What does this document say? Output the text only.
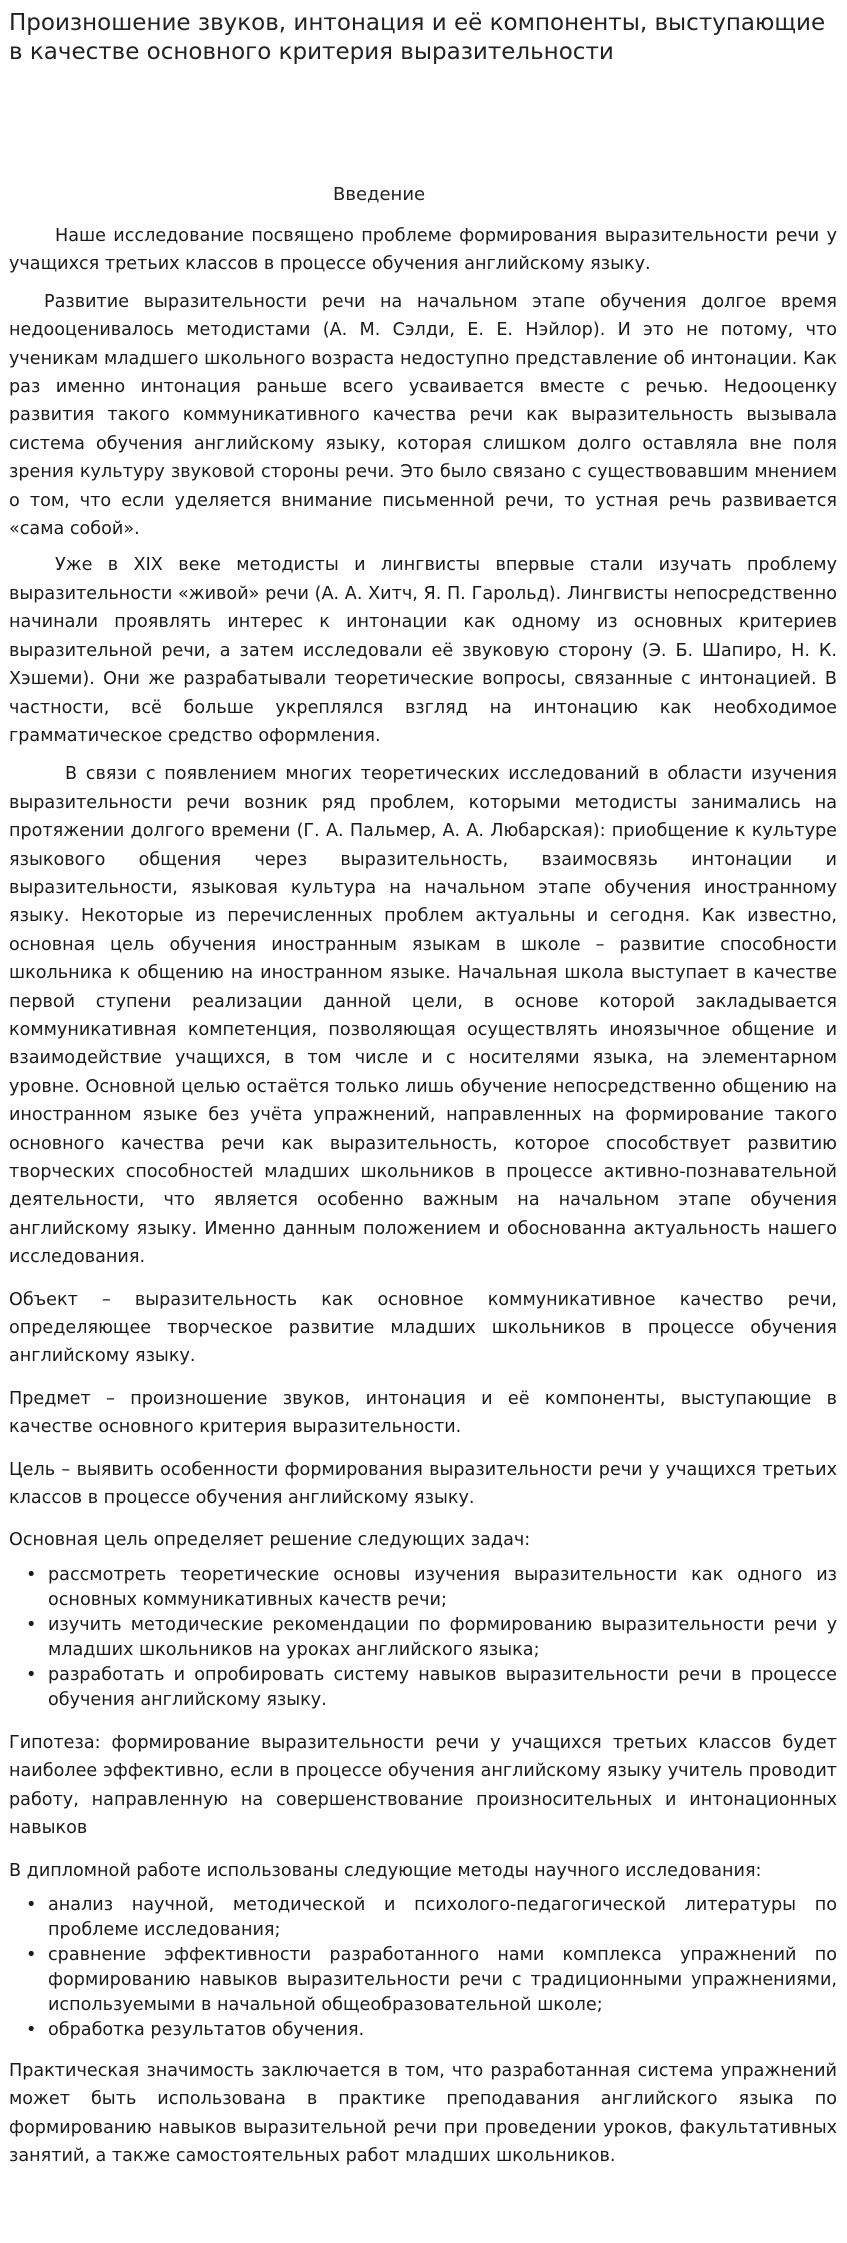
Произношение звуков, интонация и её компоненты, выступающие в качестве основного критерия выразительности
Введение

Наше исследование посвящено проблеме формирования выразительности речи у учащихся третьих классов в процессе обучения английскому языку.

Развитие выразительности речи на начальном этапе обучения долгое время недооценивалось методистами (А. М. Сэлди, Е. Е. Нэйлор). И это не потому, что ученикам младшего школьного возраста недоступно представление об интонации. Как раз именно интонация раньше всего усваивается вместе с речью. Недооценку развития такого коммуникативного качества речи как выразительность вызывала система обучения английскому языку, которая слишком долго оставляла вне поля зрения культуру звуковой стороны речи. Это было связано с существовавшим мнением о том, что если уделяется внимание письменной речи, то устная речь развивается «сама собой».

Уже в XIX веке методисты и лингвисты впервые стали изучать проблему выразительности «живой» речи (А. А. Хитч, Я. П. Гарольд). Лингвисты непосредственно начинали проявлять интерес к интонации как одному из основных критериев выразительной речи, а затем исследовали её звуковую сторону (Э. Б. Шапиро, Н. К. Хэшеми). Они же разрабатывали теоретические вопросы, связанные с интонацией. В частности, всё больше укреплялся взгляд на интонацию как необходимое грамматическое средство оформления.

В связи с появлением многих теоретических исследований в области изучения выразительности речи возник ряд проблем, которыми методисты занимались на протяжении долгого времени (Г. А. Пальмер, А. А. Любарская): приобщение к культуре языкового общения через выразительность, взаимосвязь интонации и выразительности, языковая культура на начальном этапе обучения иностранному языку. Некоторые из перечисленных проблем актуальны и сегодня. Как известно, основная цель обучения иностранным языкам в школе – развитие способности школьника к общению на иностранном языке. Начальная школа выступает в качестве первой ступени реализации данной цели, в основе которой закладывается коммуникативная компетенция, позволяющая осуществлять иноязычное общение и взаимодействие учащихся, в том числе и с носителями языка, на элементарном уровне. Основной целью остаётся только лишь обучение непосредственно общению на иностранном языке без учёта упражнений, направленных на формирование такого основного качества речи как выразительность, которое способствует развитию творческих способностей младших школьников в процессе активно-познавательной деятельности, что является особенно важным на начальном этапе обучения английскому языку. Именно данным положением и обоснованна актуальность нашего исследования.

Объект – выразительность как основное коммуникативное качество речи, определяющее творческое развитие младших школьников в процессе обучения английскому языку.

Предмет – произношение звуков, интонация и её компоненты, выступающие в качестве основного критерия выразительности.

Цель – выявить особенности формирования выразительности речи у учащихся третьих классов в процессе обучения английскому языку.

Основная цель определяет решение следующих задач:

• рассмотреть теоретические основы изучения выразительности как одного из основных коммуникативных качеств речи;
• изучить методические рекомендации по формированию выразительности речи у младших школьников на уроках английского языка;
• разработать и опробировать систему навыков выразительности речи в процессе обучения английскому языку.

Гипотеза: формирование выразительности речи у учащихся третьих классов будет наиболее эффективно, если в процессе обучения английскому языку учитель проводит работу, направленную на совершенствование произносительных и интонационных навыков

В дипломной работе использованы следующие методы научного исследования:

• анализ научной, методической и психолого-педагогической литературы по проблеме исследования;
• сравнение эффективности разработанного нами комплекса упражнений по формированию навыков выразительности речи с традиционными упражнениями, используемыми в начальной общеобразовательной школе;
• обработка результатов обучения.

Практическая значимость заключается в том, что разработанная система упражнений может быть использована в практике преподавания английского языка по формированию навыков выразительной речи при проведении уроков, факультативных занятий, а также самостоятельных работ младших школьников.
